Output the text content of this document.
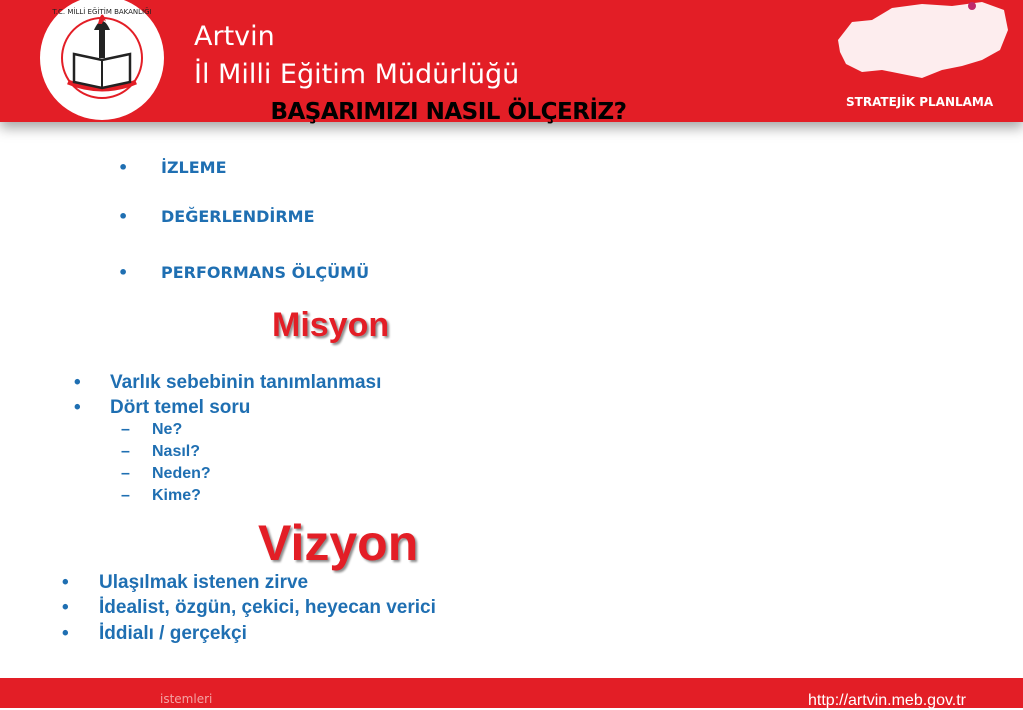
T.C. MİLLİ EĞİTİM BAKANLIĞI
Artvin
İl Milli Eğitim Müdürlüğü
STRATEJİK PLANLAMA
BAŞARIMIZI NASIL ÖLÇERİZ?
• İZLEME
• DEĞERLENDİRME
• PERFORMANS ÖLÇÜMÜ
Misyon
• Varlık sebebinin tanımlanması
• Dört temel soru
– Ne?
– Nasıl?
– Neden?
– Kime?
Vizyon
• Ulaşılmak istenen zirve
• İdealist, özgün, çekici, heyecan verici
• İddialı / gerçekçi
istemleri	http://artvin.meb.gov.tr
